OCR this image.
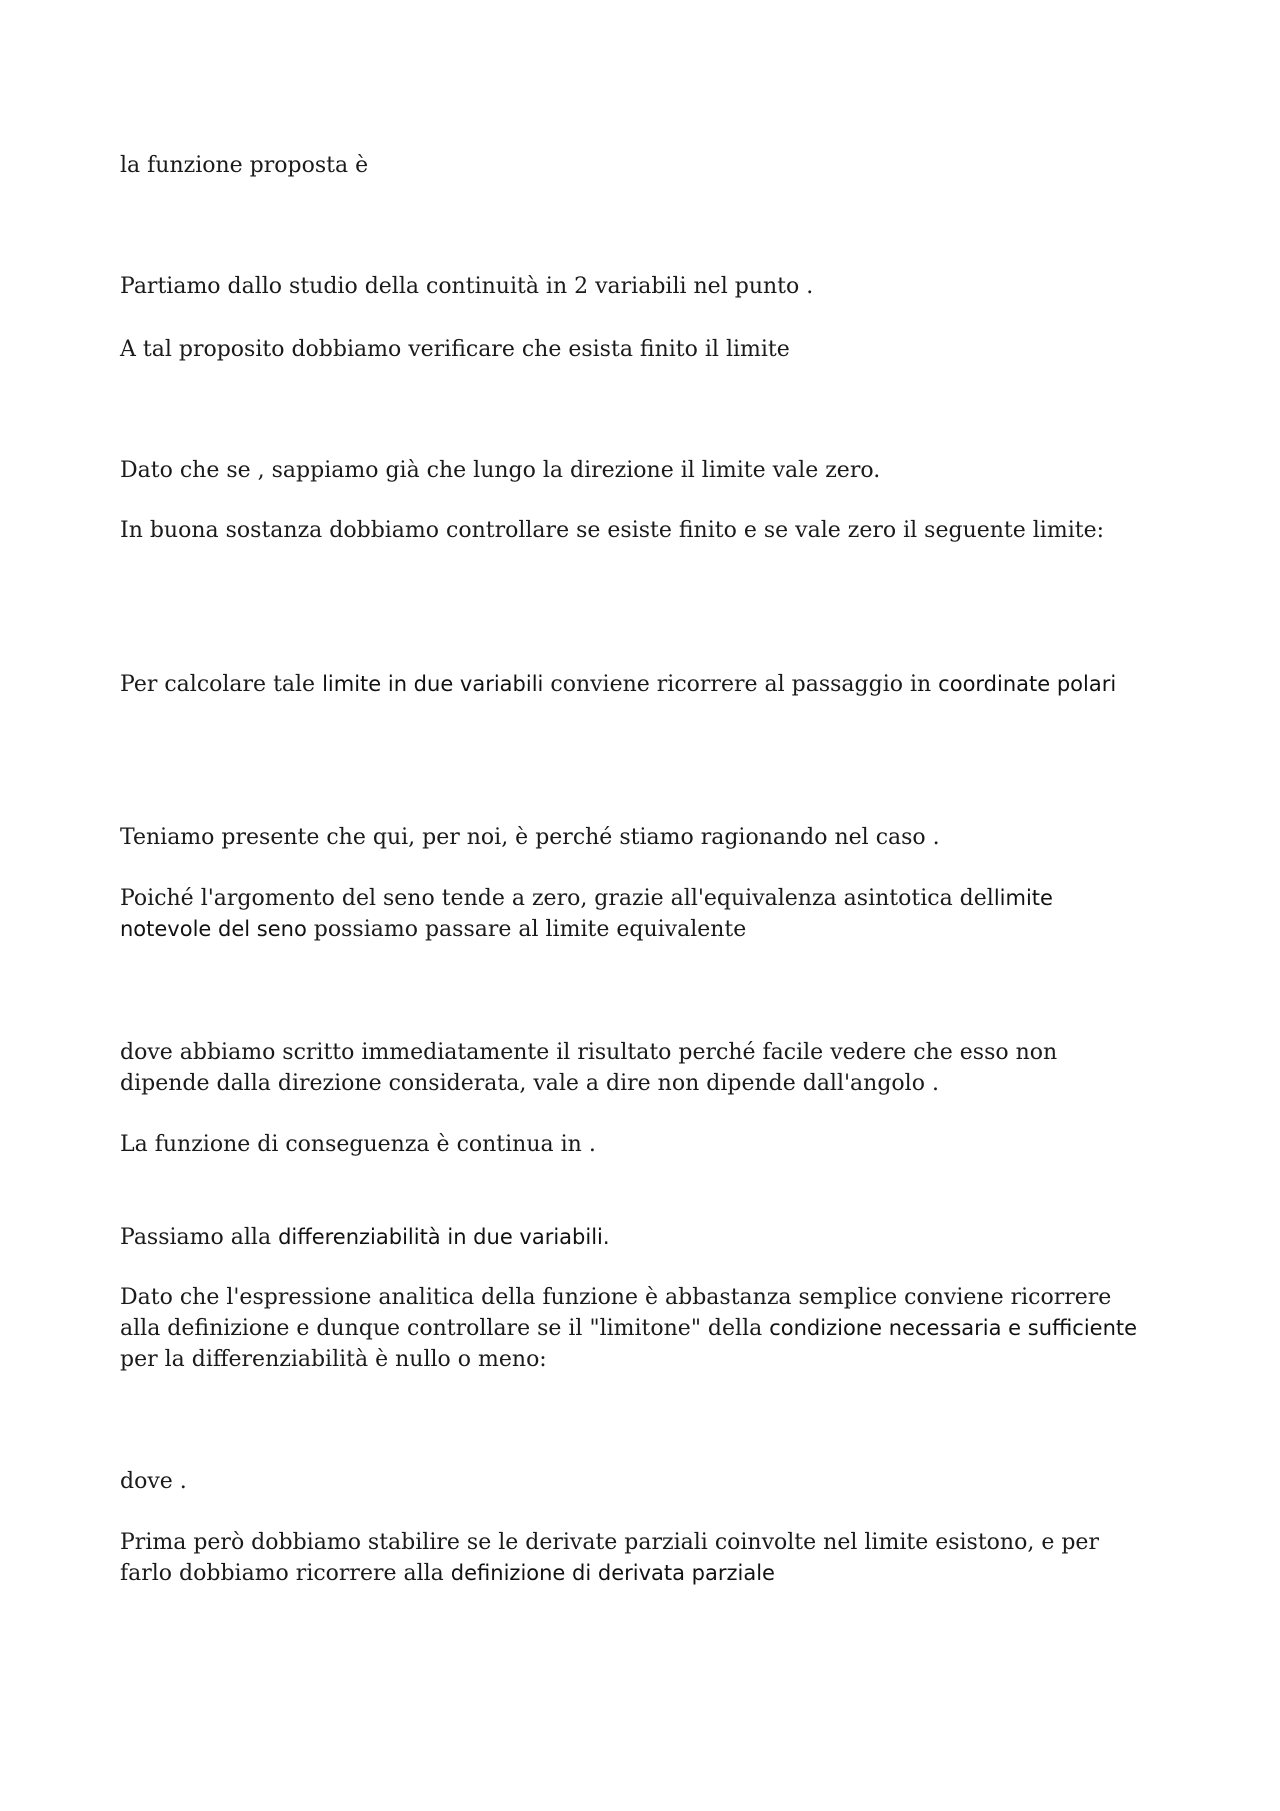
la funzione proposta è

Partiamo dallo studio della continuità in 2 variabili nel punto .

A tal proposito dobbiamo verificare che esista finito il limite

Dato che se , sappiamo già che lungo la direzione il limite vale zero.

In buona sostanza dobbiamo controllare se esiste finito e se vale zero il seguente limite:

Per calcolare tale limite in due variabili conviene ricorrere al passaggio in coordinate polari

Teniamo presente che qui, per noi, è perché stiamo ragionando nel caso .

Poiché l'argomento del seno tende a zero, grazie all'equivalenza asintotica dellimite notevole del seno possiamo passare al limite equivalente

dove abbiamo scritto immediatamente il risultato perché facile vedere che esso non dipende dalla direzione considerata, vale a dire non dipende dall'angolo .

La funzione di conseguenza è continua in .

Passiamo alla differenziabilità in due variabili.

Dato che l'espressione analitica della funzione è abbastanza semplice conviene ricorrere alla definizione e dunque controllare se il "limitone" della condizione necessaria e sufficiente per la differenziabilità è nullo o meno:

dove .

Prima però dobbiamo stabilire se le derivate parziali coinvolte nel limite esistono, e per farlo dobbiamo ricorrere alla definizione di derivata parziale
